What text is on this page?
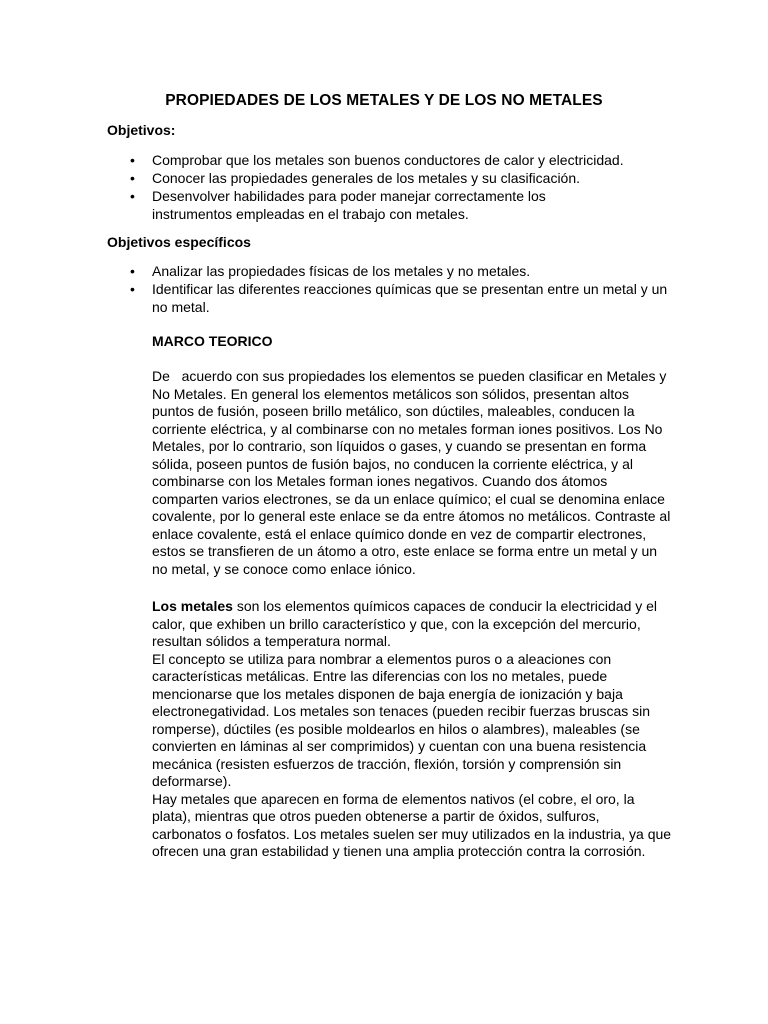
PROPIEDADES DE LOS METALES Y DE LOS NO METALES

Objetivos:

• Comprobar que los metales son buenos conductores de calor y electricidad.
• Conocer las propiedades generales de los metales y su clasificación.
• Desenvolver habilidades para poder manejar correctamente los instrumentos empleadas en el trabajo con metales.

Objetivos específicos

• Analizar las propiedades físicas de los metales y no metales.
• Identificar las diferentes reacciones químicas que se presentan entre un metal y un no metal.

MARCO TEORICO

De   acuerdo con sus propiedades los elementos se pueden clasificar en Metales y No Metales. En general los elementos metálicos son sólidos, presentan altos puntos de fusión, poseen brillo metálico, son dúctiles, maleables, conducen la corriente eléctrica, y al combinarse con no metales forman iones positivos. Los No Metales, por lo contrario, son líquidos o gases, y cuando se presentan en forma sólida, poseen puntos de fusión bajos, no conducen la corriente eléctrica, y al combinarse con los Metales forman iones negativos. Cuando dos átomos comparten varios electrones, se da un enlace químico; el cual se denomina enlace covalente, por lo general este enlace se da entre átomos no metálicos. Contraste al enlace covalente, está el enlace químico donde en vez de compartir electrones, estos se transfieren de un átomo a otro, este enlace se forma entre un metal y un no metal, y se conoce como enlace iónico.

Los metales son los elementos químicos capaces de conducir la electricidad y el calor, que exhiben un brillo característico y que, con la excepción del mercurio, resultan sólidos a temperatura normal.

El concepto se utiliza para nombrar a elementos puros o a aleaciones con características metálicas. Entre las diferencias con los no metales, puede mencionarse que los metales disponen de baja energía de ionización y baja electronegatividad. Los metales son tenaces (pueden recibir fuerzas bruscas sin romperse), dúctiles (es posible moldearlos en hilos o alambres), maleables (se convierten en láminas al ser comprimidos) y cuentan con una buena resistencia mecánica (resisten esfuerzos de tracción, flexión, torsión y comprensión sin deformarse).

Hay metales que aparecen en forma de elementos nativos (el cobre, el oro, la plata), mientras que otros pueden obtenerse a partir de óxidos, sulfuros, carbonatos o fosfatos. Los metales suelen ser muy utilizados en la industria, ya que ofrecen una gran estabilidad y tienen una amplia protección contra la corrosión.
